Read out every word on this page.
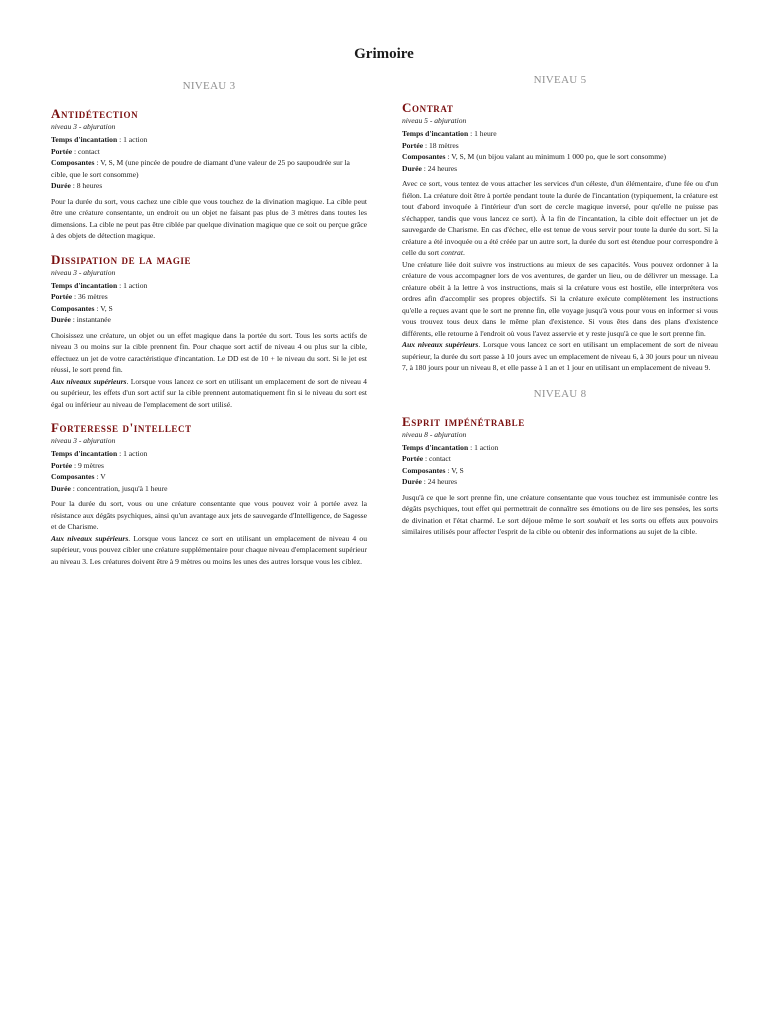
Grimoire
NIVEAU 3
Antidétection
niveau 3 - abjuration
Temps d'incantation : 1 action
Portée : contact
Composantes : V, S, M (une pincée de poudre de diamant d'une valeur de 25 po saupoudrée sur la cible, que le sort consomme)
Durée : 8 heures

Pour la durée du sort, vous cachez une cible que vous touchez de la divination magique. La cible peut être une créature consentante, un endroit ou un objet ne faisant pas plus de 3 mètres dans toutes les dimensions. La cible ne peut pas être ciblée par quelque divination magique que ce soit ou perçue grâce à des objets de détection magique.

Dissipation de la magie
niveau 3 - abjuration
Temps d'incantation : 1 action
Portée : 36 mètres
Composantes : V, S
Durée : instantanée

Choisissez une créature, un objet ou un effet magique dans la portée du sort. Tous les sorts actifs de niveau 3 ou moins sur la cible prennent fin. Pour chaque sort actif de niveau 4 ou plus sur la cible, effectuez un jet de votre caractéristique d'incantation. Le DD est de 10 + le niveau du sort. Si le jet est réussi, le sort prend fin.

Aux niveaux supérieurs. Lorsque vous lancez ce sort en utilisant un emplacement de sort de niveau 4 ou supérieur, les effets d'un sort actif sur la cible prennent automatiquement fin si le niveau du sort est égal ou inférieur au niveau de l'emplacement de sort utilisé.

Forteresse d'intellect
niveau 3 - abjuration
Temps d'incantation : 1 action
Portée : 9 mètres
Composantes : V
Durée : concentration, jusqu'à 1 heure

Pour la durée du sort, vous ou une créature consentante que vous pouvez voir à portée avez la résistance aux dégâts psychiques, ainsi qu'un avantage aux jets de sauvegarde d'Intelligence, de Sagesse et de Charisme.

Aux niveaux supérieurs. Lorsque vous lancez ce sort en utilisant un emplacement de niveau 4 ou supérieur, vous pouvez cibler une créature supplémentaire pour chaque niveau d'emplacement supérieur au niveau 3. Les créatures doivent être à 9 mètres ou moins les unes des autres lorsque vous les ciblez.

NIVEAU 5
Contrat
niveau 5 - abjuration
Temps d'incantation : 1 heure
Portée : 18 mètres
Composantes : V, S, M (un bijou valant au minimum 1 000 po, que le sort consomme)
Durée : 24 heures

Avec ce sort, vous tentez de vous attacher les services d'un céleste, d'un élémentaire, d'une fée ou d'un fiélon. La créature doit être à portée pendant toute la durée de l'incantation (typiquement, la créature est tout d'abord invoquée à l'intérieur d'un sort de cercle magique inversé, pour qu'elle ne puisse pas s'échapper, tandis que vous lancez ce sort). À la fin de l'incantation, la cible doit effectuer un jet de sauvegarde de Charisme. En cas d'échec, elle est tenue de vous servir pour toute la durée du sort. Si la créature a été invoquée ou a été créée par un autre sort, la durée du sort est étendue pour correspondre à celle du sort contrat.

Une créature liée doit suivre vos instructions au mieux de ses capacités. Vous pouvez ordonner à la créature de vous accompagner lors de vos aventures, de garder un lieu, ou de délivrer un message. La créature obéit à la lettre à vos instructions, mais si la créature vous est hostile, elle interprétera vos ordres afin d'accomplir ses propres objectifs. Si la créature exécute complètement les instructions qu'elle a reçues avant que le sort ne prenne fin, elle voyage jusqu'à vous pour vous en informer si vous vous trouvez tous deux dans le même plan d'existence. Si vous êtes dans des plans d'existence différents, elle retourne à l'endroit où vous l'avez asservie et y reste jusqu'à ce que le sort prenne fin.

Aux niveaux supérieurs. Lorsque vous lancez ce sort en utilisant un emplacement de sort de niveau supérieur, la durée du sort passe à 10 jours avec un emplacement de niveau 6, à 30 jours pour un niveau 7, à 180 jours pour un niveau 8, et elle passe à 1 an et 1 jour en utilisant un emplacement de niveau 9.

NIVEAU 8
Esprit impénétrable
niveau 8 - abjuration
Temps d'incantation : 1 action
Portée : contact
Composantes : V, S
Durée : 24 heures

Jusqu'à ce que le sort prenne fin, une créature consentante que vous touchez est immunisée contre les dégâts psychiques, tout effet qui permettrait de connaître ses émotions ou de lire ses pensées, les sorts de divination et l'état charmé. Le sort déjoue même le sort souhait et les sorts ou effets aux pouvoirs similaires utilisés pour affecter l'esprit de la cible ou obtenir des informations au sujet de la cible.
